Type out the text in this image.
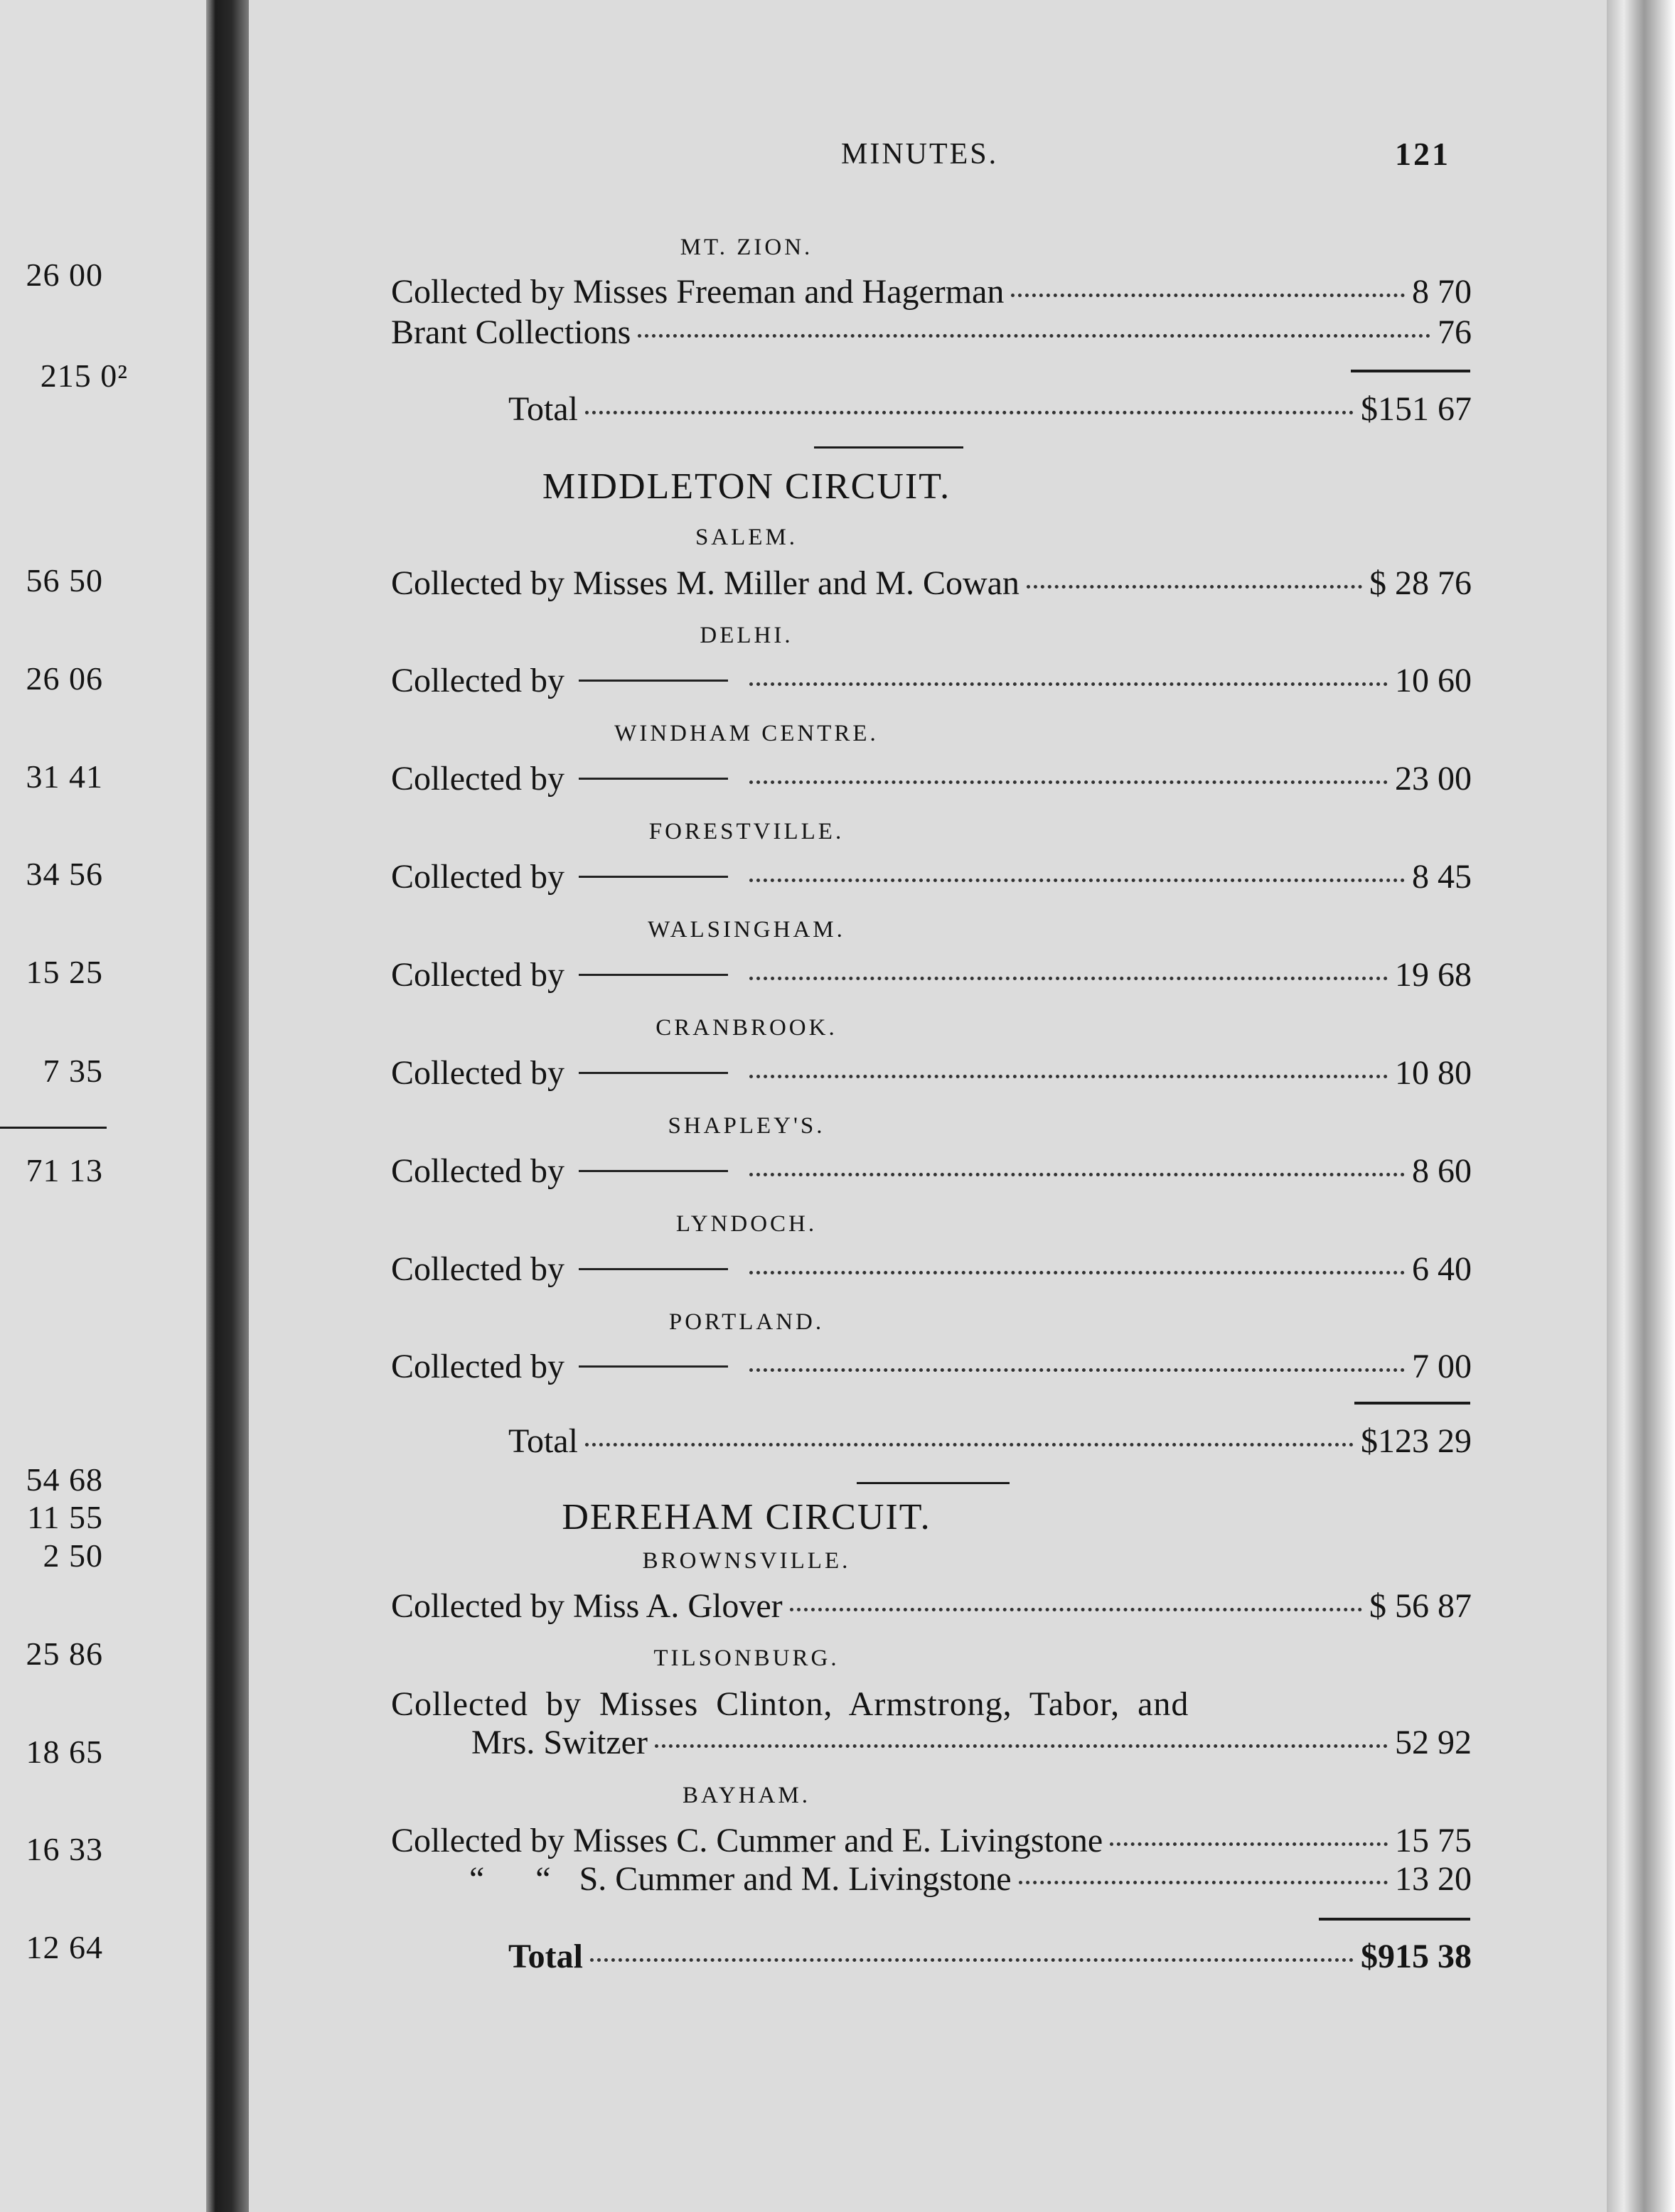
26 00
215 0²
56 50
26 06
31 41
34 56
15 25
7 35
71 13
54 68
11 55
2 50
25 86
18 65
16 33
12 64
MINUTES.	121
MT. ZION.
Collected by Misses Freeman and Hagerman	8 70
Brant Collections	76
Total	$151 67
MIDDLETON CIRCUIT.
SALEM.
Collected by Misses M. Miller and M. Cowan	$ 28 76
DELHI.
Collected by	10 60
WINDHAM CENTRE.
Collected by	23 00
FORESTVILLE.
Collected by	8 45
WALSINGHAM.
Collected by	19 68
CRANBROOK.
Collected by	10 80
SHAPLEY'S.
Collected by	8 60
LYNDOCH.
Collected by	6 40
PORTLAND.
Collected by	7 00
Total	$123 29
DEREHAM CIRCUIT.
BROWNSVILLE.
Collected by Miss A. Glover	$ 56 87
TILSONBURG.
Collected by Misses Clinton, Armstrong, Tabor, and
Mrs. Switzer	52 92
BAYHAM.
Collected by Misses C. Cummer and E. Livingstone	15 75
“      “ S. Cummer and M. Livingstone	13 20
Total	$915 38
